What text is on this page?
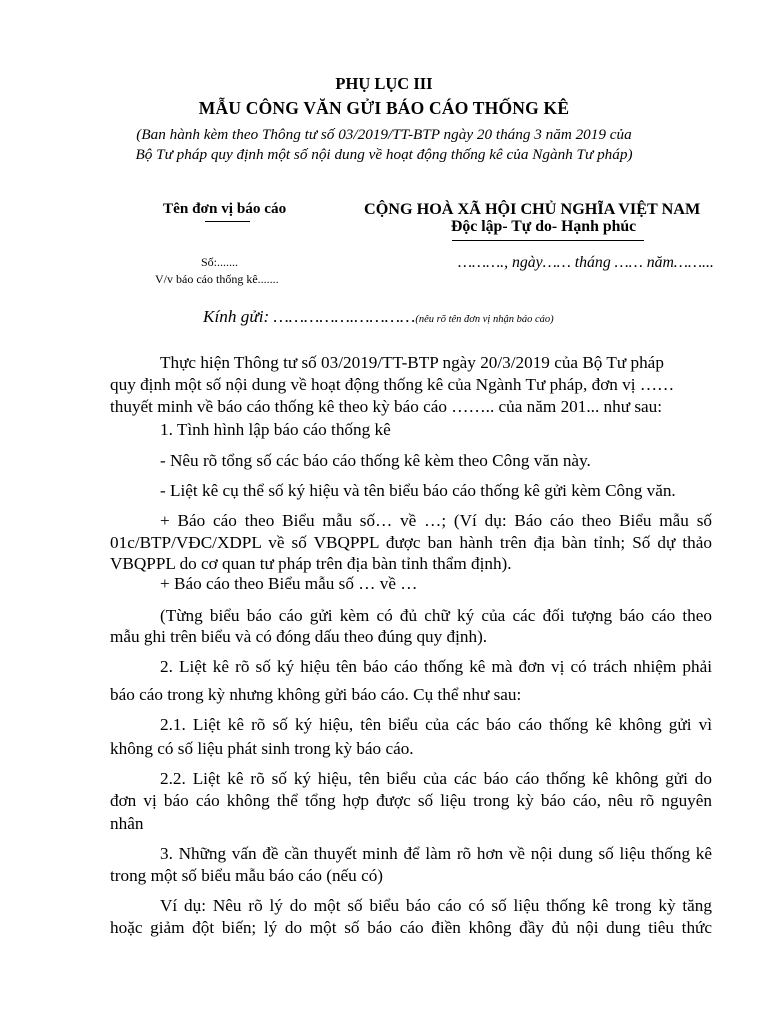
PHỤ LỤC III
MẪU CÔNG VĂN GỬI BÁO CÁO THỐNG KÊ
(Ban hành kèm theo Thông tư số 03/2019/TT-BTP ngày 20 tháng 3 năm 2019 của
Bộ Tư pháp quy định một số nội dung về hoạt động thống kê của Ngành Tư pháp)
Tên đơn vị báo cáo	CỘNG HOÀ XÃ HỘI CHỦ NGHĨA VIỆT NAM
Độc lập- Tự do- Hạnh phúc
Số:.......
V/v báo cáo thống kê.......
………., ngày…… tháng …… năm……...
Kính gửi: …………….…………(nêu rõ tên đơn vị nhận báo cáo)
Thực hiện Thông tư số 03/2019/TT-BTP ngày 20/3/2019 của Bộ Tư pháp
quy định một số nội dung về hoạt động thống kê của Ngành Tư pháp, đơn vị ……
thuyết minh về báo cáo thống kê theo kỳ báo cáo …….. của năm 201... như sau:
1. Tình hình lập báo cáo thống kê
- Nêu rõ tổng số các báo cáo thống kê kèm theo Công văn này.
- Liệt kê cụ thể số ký hiệu và tên biểu báo cáo thống kê gửi kèm Công văn.
+ Báo cáo theo Biểu mẫu số… về …; (Ví dụ: Báo cáo theo Biểu mẫu số
01c/BTP/VĐC/XDPL về số VBQPPL được ban hành trên địa bàn tỉnh; Số dự thảo
VBQPPL do cơ quan tư pháp trên địa bàn tỉnh thẩm định).
+ Báo cáo theo Biểu mẫu số … về …
(Từng biểu báo cáo gửi kèm có đủ chữ ký của các đối tượng báo cáo theo
mẫu ghi trên biểu và có đóng dấu theo đúng quy định).
2. Liệt kê rõ số ký hiệu tên báo cáo thống kê mà đơn vị có trách nhiệm phải
báo cáo trong kỳ nhưng không gửi báo cáo. Cụ thể như sau:
2.1. Liệt kê rõ số ký hiệu, tên biểu của các báo cáo thống kê không gửi vì
không có số liệu phát sinh trong kỳ báo cáo.
2.2. Liệt kê rõ số ký hiệu, tên biểu của các báo cáo thống kê không gửi do
đơn vị báo cáo không thể tổng hợp được số liệu trong kỳ báo cáo, nêu rõ nguyên
nhân
3. Những vấn đề cần thuyết minh để làm rõ hơn về nội dung số liệu thống kê
trong một số biểu mẫu báo cáo (nếu có)
Ví dụ: Nêu rõ lý do một số biểu báo cáo có số liệu thống kê trong kỳ tăng
hoặc giảm đột biến; lý do một số báo cáo điền không đầy đủ nội dung tiêu thức
